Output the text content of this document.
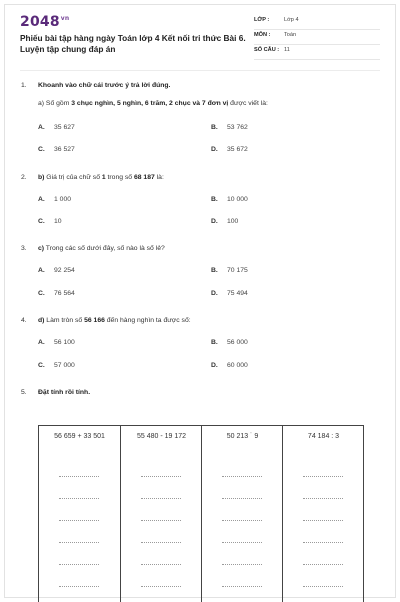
$2048^{vn}$
Phiếu bài tập hàng ngày Toán lớp 4 Kết nối tri thức Bài 6.
Luyện tập chung đáp án
LỚP :	Lớp 4
MÔN : Toán
SỐ CÂU : 11
1. Khoanh vào chữ cái trước ý trả lời đúng.
a) Số gồm 3 chục nghìn, 5 nghìn, 6 trăm, 2 chục và 7 đơn vị được viết là:
A. 35 627	B. 53 762
C. 36 527	D. 35 672
2. b) Giá trị của chữ số 1 trong số 68 187 là:
A. 1 000	B. 10 000
C. 10	D. 100
3. c) Trong các số dưới đây, số nào là số lẻ?
A. 92 254	B. 70 175
C. 76 564	D. 75 494
4. d) Làm tròn số 56 166 đến hàng nghìn ta được số:
A. 56 100	B. 56 000
C. 57 000	D. 60 000
5. Đặt tính rồi tính.
56 659 + 33 501	55 480 - 19 172	50 213 ˙ 9	74 184 : 3
